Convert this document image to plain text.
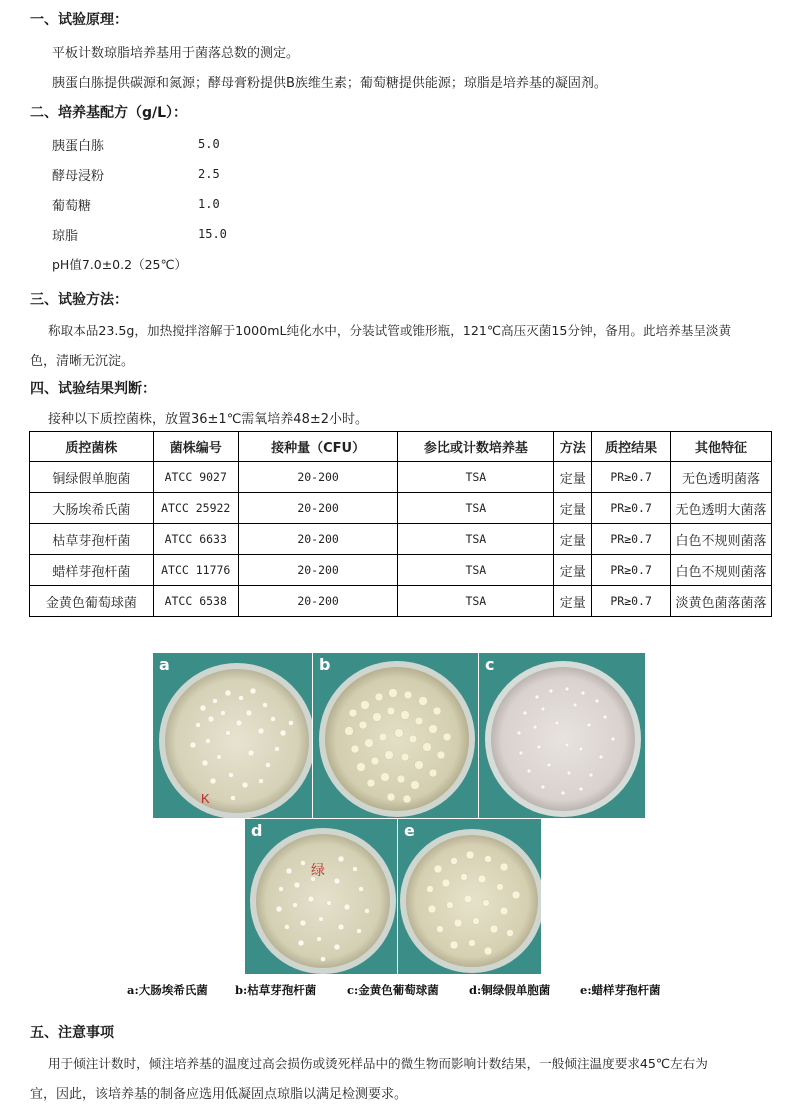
一、试验原理：
平板计数琼脂培养基用于菌落总数的测定。
胰蛋白胨提供碳源和氮源；酵母膏粉提供B族维生素；葡萄糖提供能源；琼脂是培养基的凝固剂。
二、培养基配方（g/L）：
胰蛋白胨	5.0
酵母浸粉	2.5
葡萄糖	1.0
琼脂	15.0
pH值7.0±0.2（25℃）
三、试验方法：
称取本品23.5g，加热搅拌溶解于1000mL纯化水中，分装试管或锥形瓶，121℃高压灭菌15分钟，备用。此培养基呈淡黄
色，清晰无沉淀。
四、试验结果判断：
接种以下质控菌株，放置36±1℃需氧培养48±2小时。
质控菌株	菌株编号	接种量（CFU）	参比或计数培养基	方法	质控结果	其他特征
铜绿假单胞菌	ATCC 9027	20-200	TSA	定量	PR≥0.7	无色透明菌落
大肠埃希氏菌	ATCC 25922	20-200	TSA	定量	PR≥0.7	无色透明大菌落
枯草芽孢杆菌	ATCC 6633	20-200	TSA	定量	PR≥0.7	白色不规则菌落
蜡样芽孢杆菌	ATCC 11776	20-200	TSA	定量	PR≥0.7	白色不规则菌落
金黄色葡萄球菌	ATCC 6538	20-200	TSA	定量	PR≥0.7	淡黄色菌落菌落
K
a	b	c
绿
d	e
a:大肠埃希氏菌 b:枯草芽孢杆菌	c:金黄色葡萄球菌	d:铜绿假单胞菌	e:蜡样芽孢杆菌
五、注意事项
用于倾注计数时，倾注培养基的温度过高会损伤或烫死样品中的微生物而影响计数结果，一般倾注温度要求45℃左右为
宜，因此，该培养基的制备应选用低凝固点琼脂以满足检测要求。
